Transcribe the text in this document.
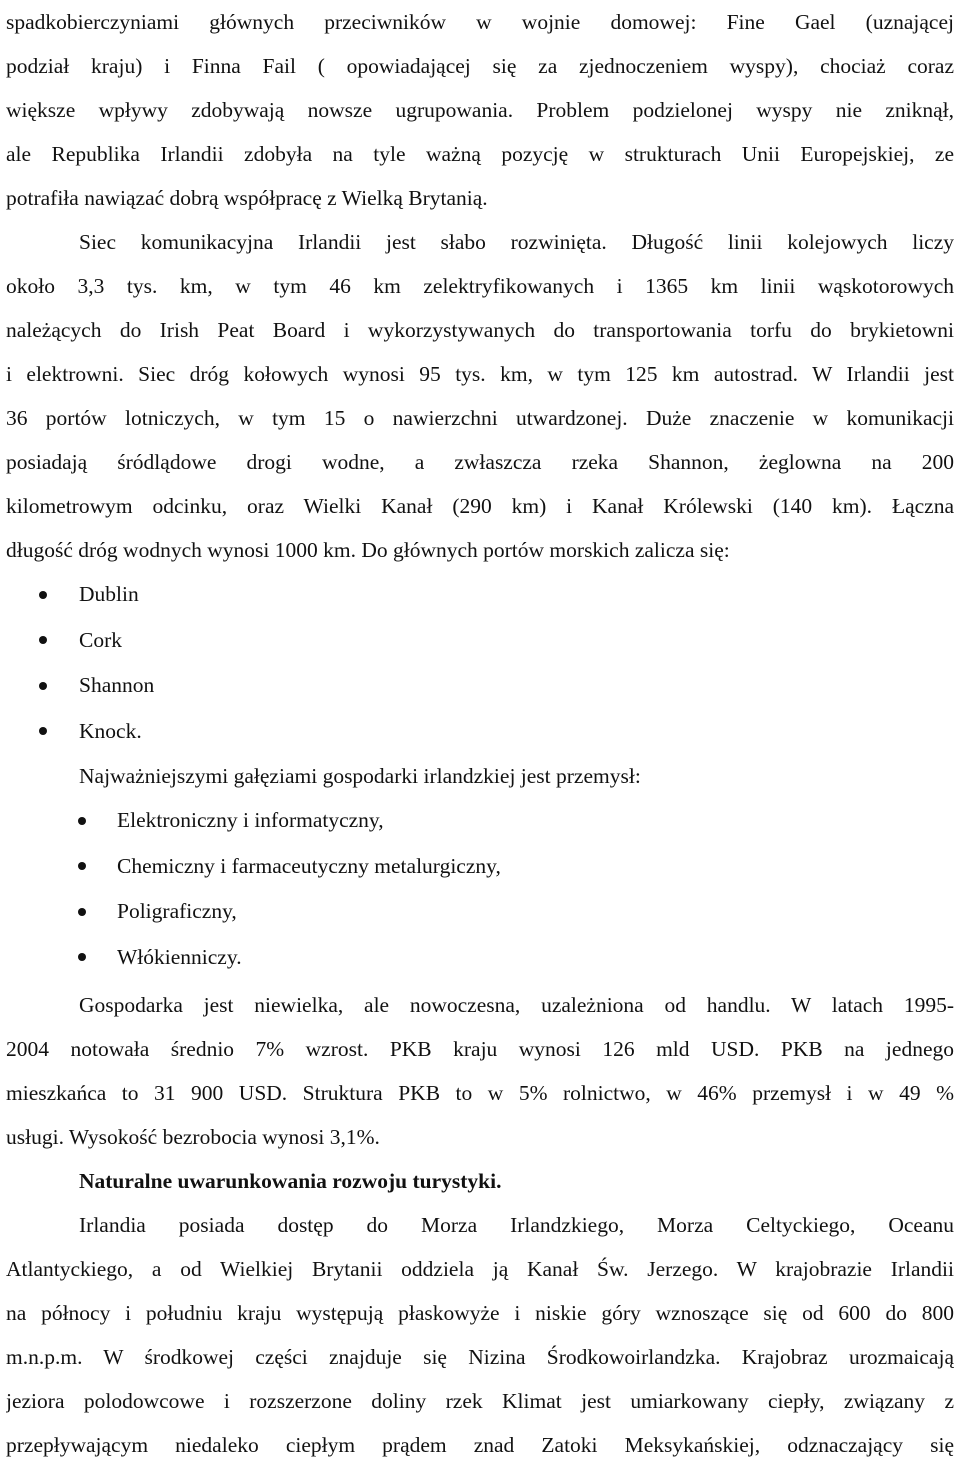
spadkobierczyniami głównych przeciwników w wojnie domowej: Fine Gael (uznającej
podział kraju) i Finna Fail ( opowiadającej się za zjednoczeniem wyspy), chociaż coraz
większe wpływy zdobywają nowsze ugrupowania. Problem podzielonej wyspy nie zniknął,
ale Republika Irlandii zdobyła na tyle ważną pozycję w strukturach Unii Europejskiej, ze
potrafiła nawiązać dobrą współpracę z Wielką Brytanią.
Siec komunikacyjna Irlandii jest słabo rozwinięta. Długość linii kolejowych liczy
około 3,3 tys. km, w tym 46 km zelektryfikowanych i 1365 km linii wąskotorowych
należących do Irish Peat Board i wykorzystywanych do transportowania torfu do brykietowni
i elektrowni. Siec dróg kołowych wynosi 95 tys. km, w tym 125 km autostrad. W Irlandii jest
36 portów lotniczych, w tym 15 o nawierzchni utwardzonej. Duże znaczenie w komunikacji
posiadają śródlądowe drogi wodne, a zwłaszcza rzeka Shannon, żeglowna na 200
kilometrowym odcinku, oraz Wielki Kanał (290 km) i Kanał Królewski (140 km). Łączna
długość dróg wodnych wynosi 1000 km. Do głównych portów morskich zalicza się:
Dublin
Cork
Shannon
Knock.
Najważniejszymi gałęziami gospodarki irlandzkiej jest przemysł:
Elektroniczny i informatyczny,
Chemiczny i farmaceutyczny metalurgiczny,
Poligraficzny,
Włókienniczy.
Gospodarka jest niewielka, ale nowoczesna, uzależniona od handlu. W latach 1995-
2004 notowała średnio 7% wzrost. PKB kraju wynosi 126 mld USD. PKB na jednego
mieszkańca to 31 900 USD. Struktura PKB to w 5% rolnictwo, w 46% przemysł i w 49 %
usługi. Wysokość bezrobocia wynosi 3,1%.
Naturalne uwarunkowania rozwoju turystyki.
Irlandia posiada dostęp do Morza Irlandzkiego, Morza Celtyckiego, Oceanu
Atlantyckiego, a od Wielkiej Brytanii oddziela ją Kanał Św. Jerzego. W krajobrazie Irlandii
na północy i południu kraju występują płaskowyże i niskie góry wznoszące się od 600 do 800
m.n.p.m. W środkowej części znajduje się Nizina Środkowoirlandzka. Krajobraz urozmaicają
jeziora polodowcowe i rozszerzone doliny rzek Klimat jest umiarkowany ciepły, związany z
przepływającym niedaleko ciepłym prądem znad Zatoki Meksykańskiej, odznaczający się
